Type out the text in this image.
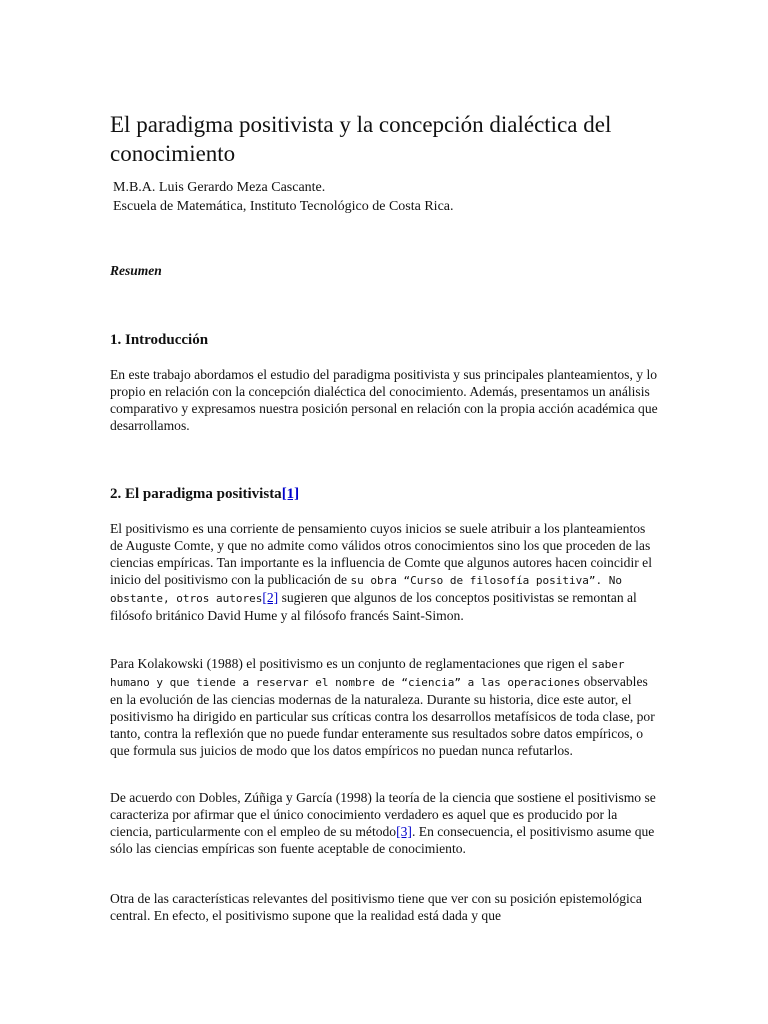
El paradigma positivista y la concepción dialéctica del conocimiento
M.B.A. Luis Gerardo Meza Cascante.
Escuela de Matemática, Instituto Tecnológico de Costa Rica.
Resumen
1. Introducción

En este trabajo abordamos el estudio del paradigma positivista y sus principales planteamientos, y lo propio en relación con la concepción dialéctica del conocimiento. Además, presentamos un análisis comparativo y expresamos nuestra posición personal en relación con la propia acción académica que desarrollamos.

2. El paradigma positivista[1]

El positivismo es una corriente de pensamiento cuyos inicios se suele atribuir a los planteamientos de Auguste Comte, y que no admite como válidos otros conocimientos sino los que proceden de las ciencias empíricas. Tan importante es la influencia de Comte que algunos autores hacen coincidir el inicio del positivismo con la publicación de su obra “Curso de filosofía positiva”. No obstante, otros autores[2] sugieren que algunos de los conceptos positivistas se remontan al filósofo británico David Hume y al filósofo francés Saint-Simon.

Para Kolakowski (1988) el positivismo es un conjunto de reglamentaciones que rigen el saber humano y que tiende a reservar el nombre de “ciencia” a las operaciones observables en la evolución de las ciencias modernas de la naturaleza. Durante su historia, dice este autor, el positivismo ha dirigido en particular sus críticas contra los desarrollos metafísicos de toda clase, por tanto, contra la reflexión que no puede fundar enteramente sus resultados sobre datos empíricos, o que formula sus juicios de modo que los datos empíricos no puedan nunca refutarlos.

De acuerdo con Dobles, Zúñiga y García (1998) la teoría de la ciencia que sostiene el positivismo se caracteriza por afirmar que el único conocimiento verdadero es aquel que es producido por la ciencia, particularmente con el empleo de su método[3]. En consecuencia, el positivismo asume que sólo las ciencias empíricas son fuente aceptable de conocimiento.

Otra de las características relevantes del positivismo tiene que ver con su posición epistemológica central. En efecto, el positivismo supone que la realidad está dada y que
